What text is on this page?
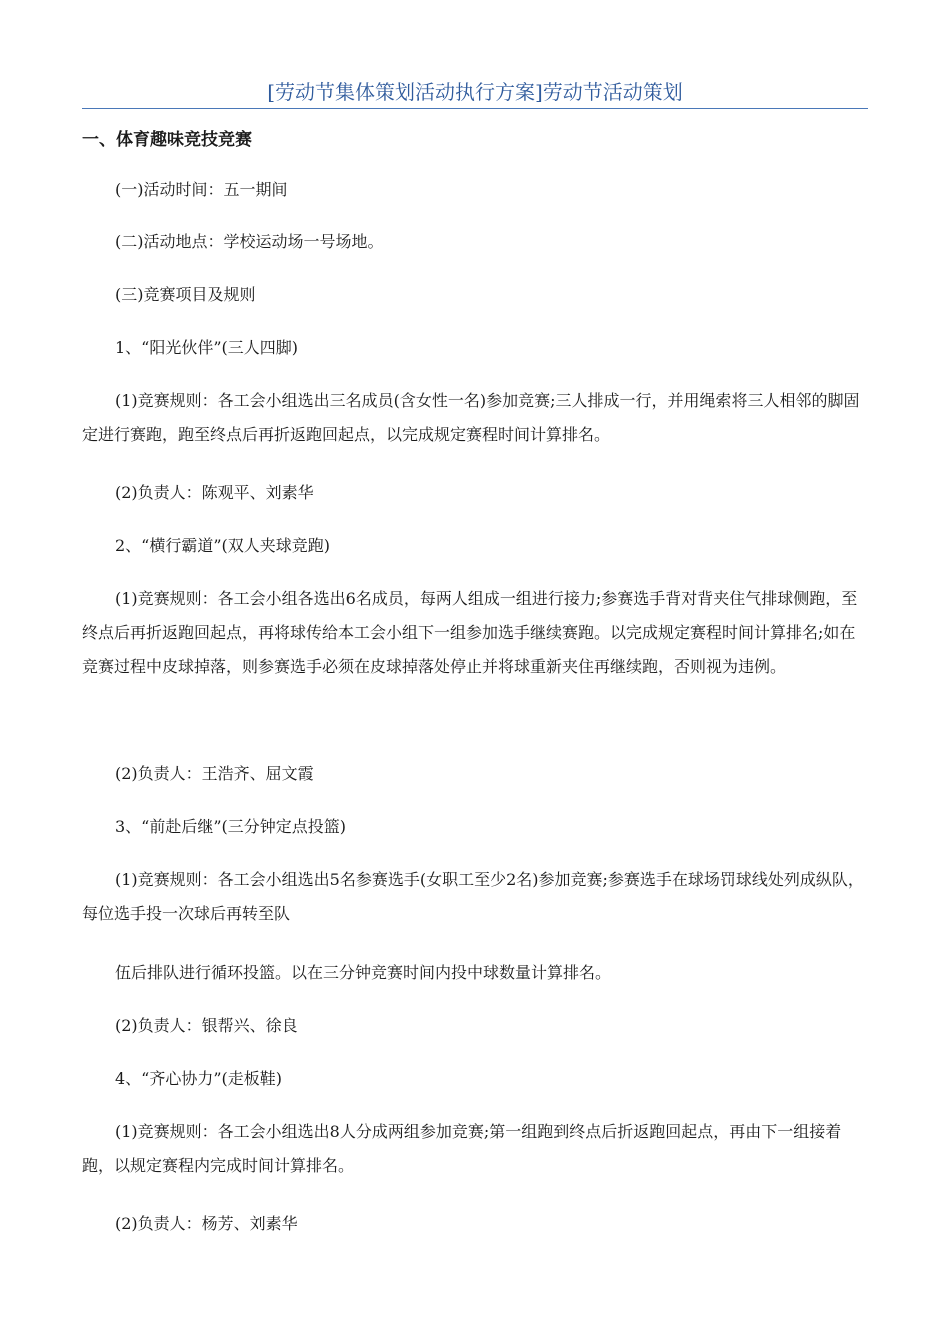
[劳动节集体策划活动执行方案]劳动节活动策划
一、体育趣味竞技竞赛
(一)活动时间：五一期间
(二)活动地点：学校运动场一号场地。
(三)竞赛项目及规则
1、“阳光伙伴”(三人四脚)
(1)竞赛规则：各工会小组选出三名成员(含女性一名)参加竞赛;三人排成一行，并用绳索将三人相邻的脚固定进行赛跑，跑至终点后再折返跑回起点，以完成规定赛程时间计算排名。
(2)负责人：陈观平、刘素华
2、“横行霸道”(双人夹球竞跑)
(1)竞赛规则：各工会小组各选出6名成员，每两人组成一组进行接力;参赛选手背对背夹住气排球侧跑，至终点后再折返跑回起点，再将球传给本工会小组下一组参加选手继续赛跑。以完成规定赛程时间计算排名;如在竞赛过程中皮球掉落，则参赛选手必须在皮球掉落处停止并将球重新夹住再继续跑，否则视为违例。
(2)负责人：王浩齐、屈文霞
3、“前赴后继”(三分钟定点投篮)
(1)竞赛规则：各工会小组选出5名参赛选手(女职工至少2名)参加竞赛;参赛选手在球场罚球线处列成纵队，每位选手投一次球后再转至队
伍后排队进行循环投篮。以在三分钟竞赛时间内投中球数量计算排名。
(2)负责人：银帮兴、徐良
4、“齐心协力”(走板鞋)
(1)竞赛规则：各工会小组选出8人分成两组参加竞赛;第一组跑到终点后折返跑回起点，再由下一组接着跑，以规定赛程内完成时间计算排名。
(2)负责人：杨芳、刘素华
